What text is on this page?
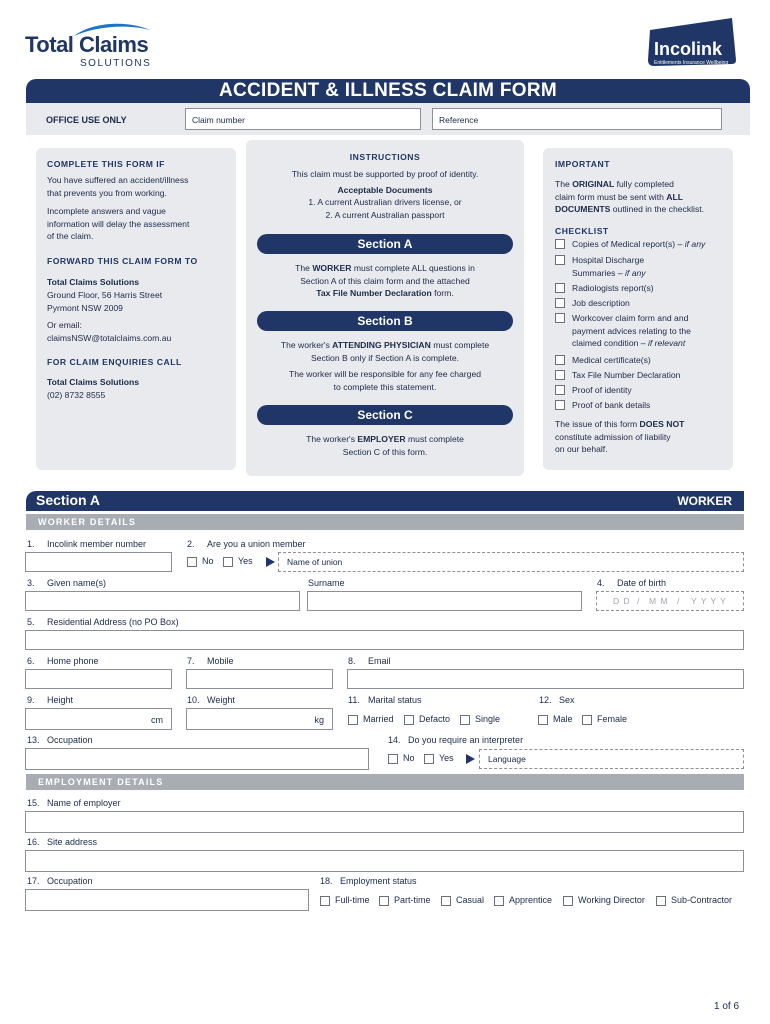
Total Claims
SOLUTIONS
Incolink
Entitlements Insurance Wellbeing
ACCIDENT & ILLNESS CLAIM FORM
OFFICE USE ONLY	Claim number	Reference
COMPLETE THIS FORM IF
You have suffered an accident/illness
that prevents you from working.
Incomplete answers and vague
information will delay the assessment
of the claim.
FORWARD THIS CLAIM FORM TO
Total Claims Solutions
Ground Floor, 56 Harris Street
Pyrmont NSW 2009
Or email:
claimsNSW@totalclaims.com.au
FOR CLAIM ENQUIRIES CALL
Total Claims Solutions
(02) 8732 8555
INSTRUCTIONS
This claim must be supported by proof of identity.
Acceptable Documents
1. A current Australian drivers license, or
2. A current Australian passport
Section A
The WORKER must complete ALL questions in
Section A of this claim form and the attached
Tax File Number Declaration form.
Section B
The worker's ATTENDING PHYSICIAN must complete
Section B only if Section A is complete.
The worker will be responsible for any fee charged
to complete this statement.
Section C
The worker's EMPLOYER must complete
Section C of this form.
IMPORTANT
The ORIGINAL fully completed
claim form must be sent with ALL
DOCUMENTS outlined in the checklist.
CHECKLIST
Copies of Medical report(s) – if any
Hospital Discharge
Summaries – if any
Radiologists report(s)
Job description
Workcover claim form and and
payment advices relating to the
claimed condition – if relevant
Medical certificate(s)
Tax File Number Declaration
Proof of identity
Proof of bank details
The issue of this form DOES NOT
constitute admission of liability
on our behalf.
Section A	WORKER
WORKER DETAILS
1. Incolink member number	2. Are you a union member
No	Yes	Name of union
3. Given name(s)	Surname	4. Date of birth
D D / M M / Y Y Y Y
5. Residential Address (no PO Box)
6. Home phone	7. Mobile	8. Email
9. Height
cm
10. Weight
kg
11. Marital status
Married	Defacto	Single
12. Sex
Male	Female
13. Occupation	14. Do you require an interpreter
No	Yes	Language
EMPLOYMENT DETAILS
15. Name of employer
16. Site address
17. Occupation	18. Employment status
Full-time	Part-time	Casual	Apprentice	Working Director	Sub-Contractor
1 of 6
